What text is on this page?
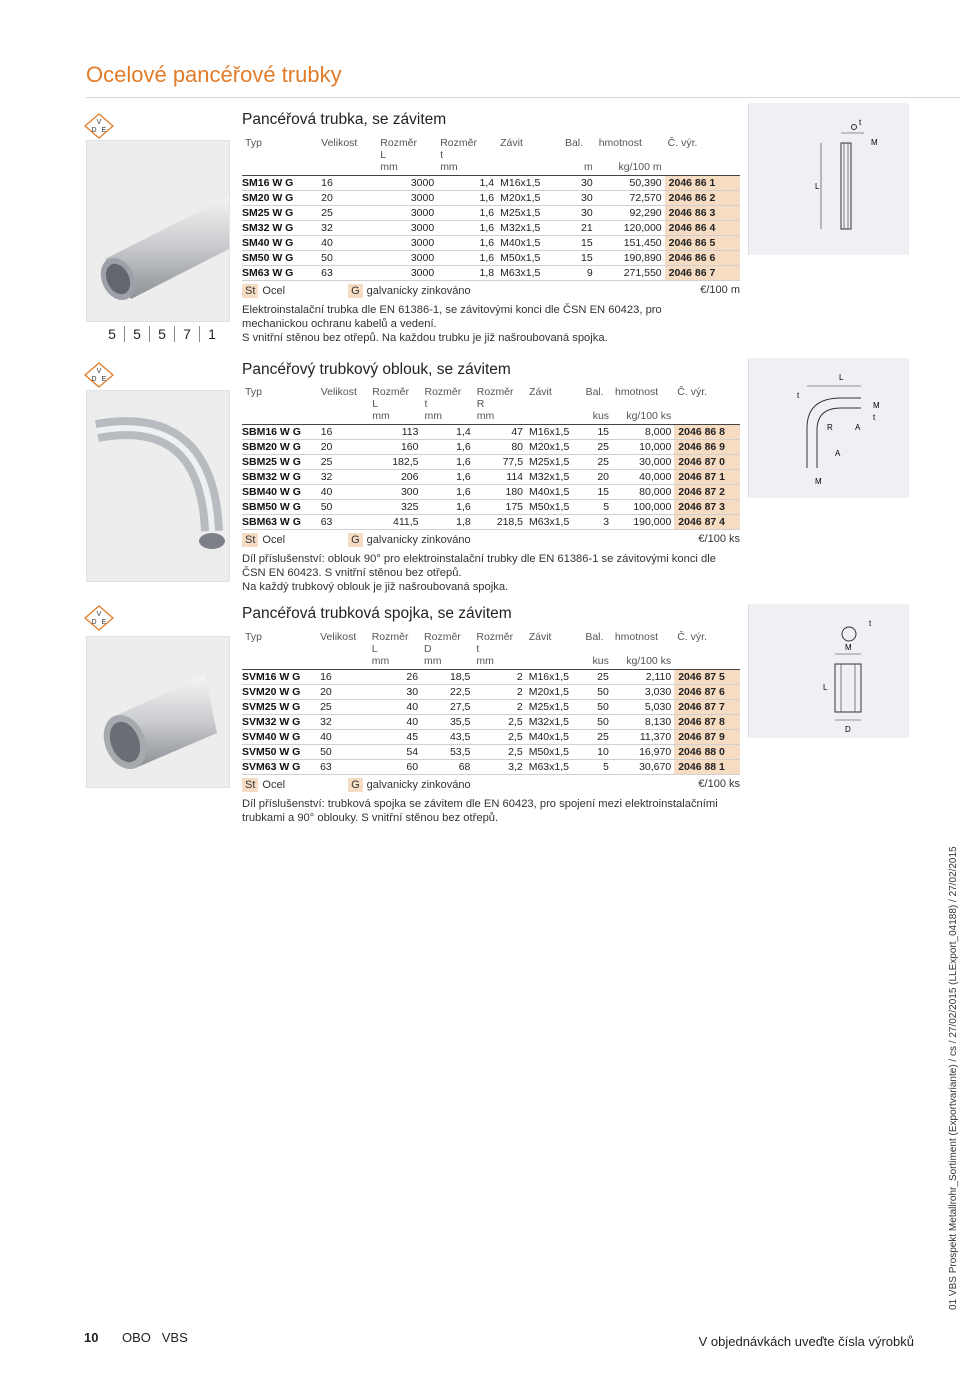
Ocelové pancéřové trubky
V
D E
V
D E
V
D E
5 5 5 7 1
t
M
L
L
t
M
R	A
A
M
t
t
M
L
D
Pancéřová trubka, se závitem
Typ	Velikost	Rozměr
L	Rozměr
t	Závit	Bal.	hmotnost	Č. výr.
		mm	mm		m	kg/100 m	
SM16 W G	16	3000	1,4	M16x1,5	30	50,390	2046 86 1
SM20 W G	20	3000	1,6	M20x1,5	30	72,570	2046 86 2
SM25 W G	25	3000	1,6	M25x1,5	30	92,290	2046 86 3
SM32 W G	32	3000	1,6	M32x1,5	21	120,000	2046 86 4
SM40 W G	40	3000	1,6	M40x1,5	15	151,450	2046 86 5
SM50 W G	50	3000	1,6	M50x1,5	15	190,890	2046 86 6
SM63 W G	63	3000	1,8	M63x1,5	9	271,550	2046 86 7
St Ocel	G galvanicky zinkováno	€/100 m
Elektroinstalační trubka dle EN 61386-1, se závitovými konci dle ČSN EN 60423, pro
mechanickou ochranu kabelů a vedení.
S vnitřní stěnou bez otřepů. Na každou trubku je již našroubovaná spojka.
Pancéřový trubkový oblouk, se závitem
Typ	Velikost	Rozměr
L	Rozměr
t	Rozměr
R	Závit	Bal.	hmotnost	Č. výr.
		mm	mm	mm		kus	kg/100 ks	
SBM16 W G	16	113	1,4	47	M16x1,5	15	8,000	2046 86 8
SBM20 W G	20	160	1,6	80	M20x1,5	25	10,000	2046 86 9
SBM25 W G	25	182,5	1,6	77,5	M25x1,5	25	30,000	2046 87 0
SBM32 W G	32	206	1,6	114	M32x1,5	20	40,000	2046 87 1
SBM40 W G	40	300	1,6	180	M40x1,5	15	80,000	2046 87 2
SBM50 W G	50	325	1,6	175	M50x1,5	5	100,000	2046 87 3
SBM63 W G	63	411,5	1,8	218,5	M63x1,5	3	190,000	2046 87 4
St Ocel	G galvanicky zinkováno	€/100 ks
Díl příslušenství: oblouk 90° pro elektroinstalační trubky dle EN 61386-1 se závitovými konci dle
ČSN EN 60423. S vnitřní stěnou bez otřepů.
Na každý trubkový oblouk je již našroubovaná spojka.
Pancéřová trubková spojka, se závitem
Typ	Velikost	Rozměr
L	Rozměr
D	Rozměr
t	Závit	Bal.	hmotnost	Č. výr.
		mm	mm	mm		kus	kg/100 ks	
SVM16 W G	16	26	18,5	2	M16x1,5	25	2,110	2046 87 5
SVM20 W G	20	30	22,5	2	M20x1,5	50	3,030	2046 87 6
SVM25 W G	25	40	27,5	2	M25x1,5	50	5,030	2046 87 7
SVM32 W G	32	40	35,5	2,5	M32x1,5	50	8,130	2046 87 8
SVM40 W G	40	45	43,5	2,5	M40x1,5	25	11,370	2046 87 9
SVM50 W G	50	54	53,5	2,5	M50x1,5	10	16,970	2046 88 0
SVM63 W G	63	60	68	3,2	M63x1,5	5	30,670	2046 88 1
St Ocel	G galvanicky zinkováno	€/100 ks
Díl příslušenství: trubková spojka se závitem dle EN 60423, pro spojení mezi elektroinstalačními
trubkami a 90° oblouky. S vnitřní stěnou bez otřepů.
10 OBO   VBS	V objednávkách uveďte čísla výrobků
01 VBS Prospekt Metallrohr_Sortiment (Exportvariante) / cs / 27/02/2015 (LLExport_04188) / 27/02/2015
